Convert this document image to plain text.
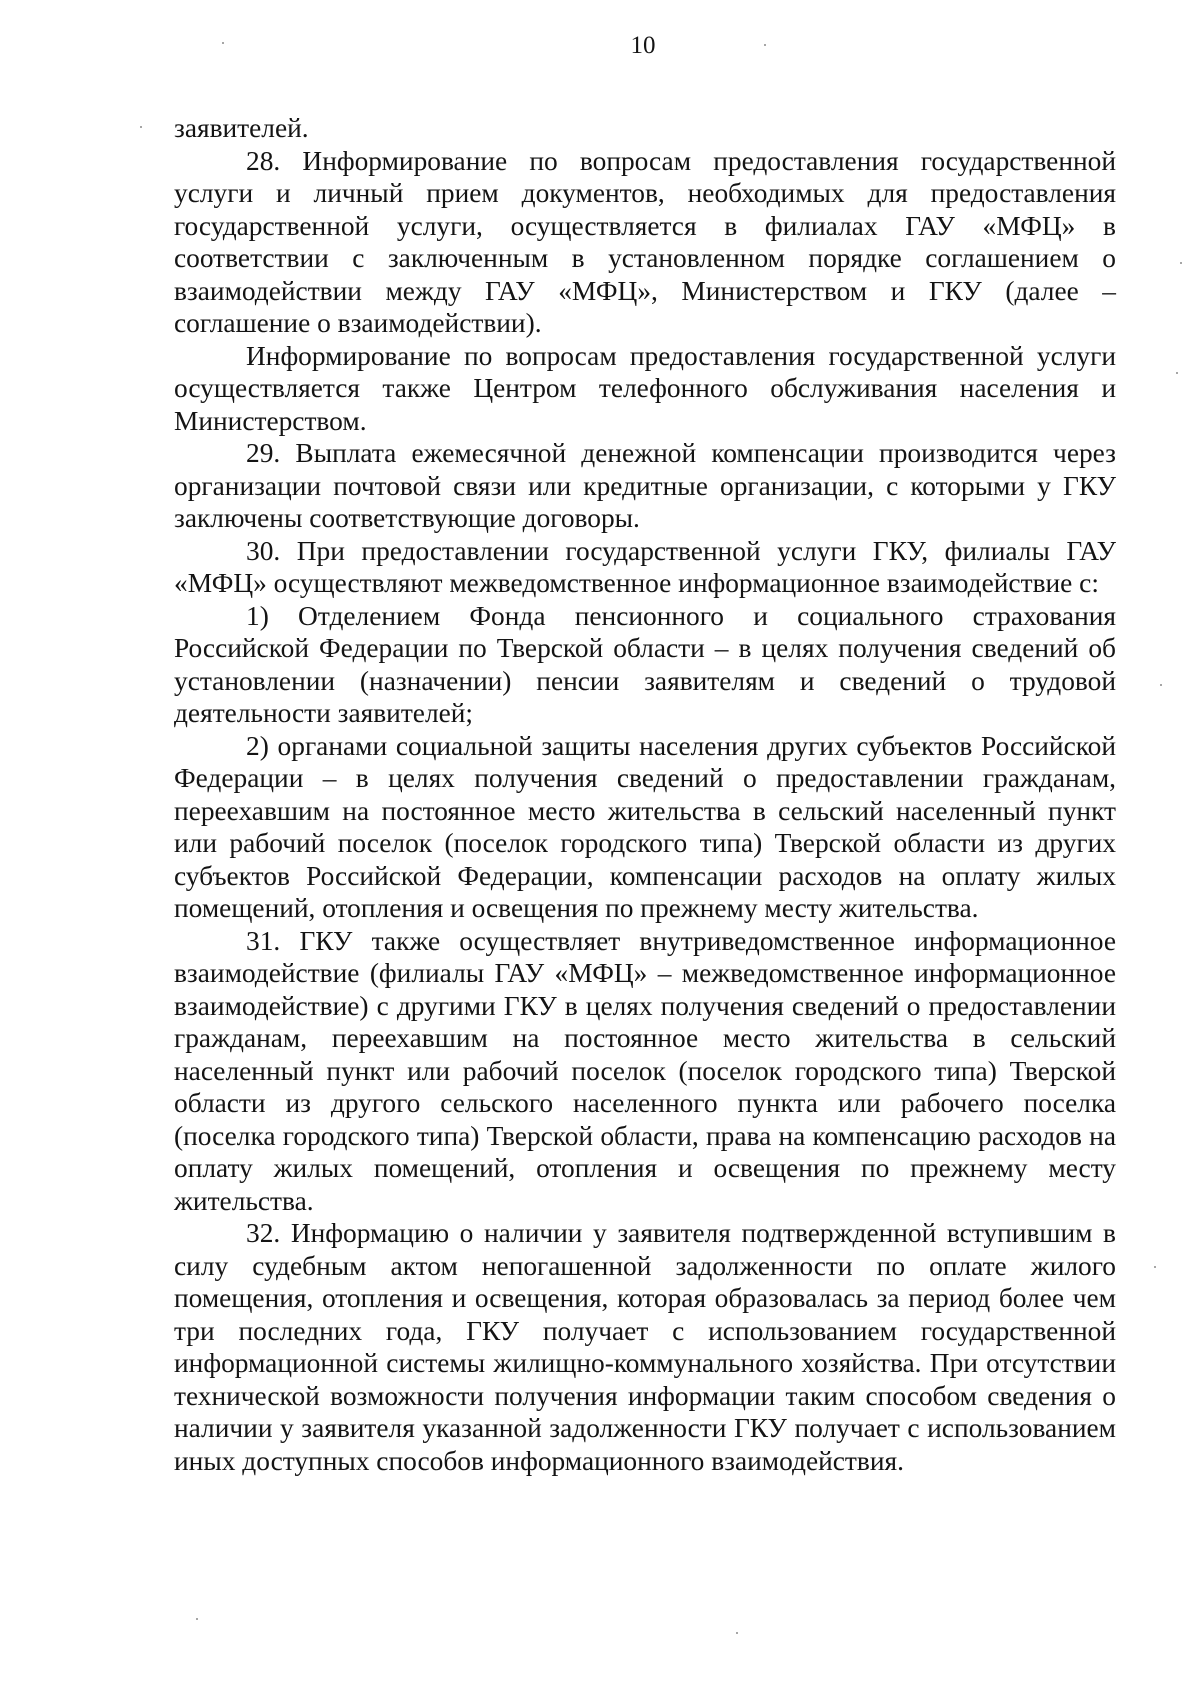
10

заявителей.

28. Информирование по вопросам предоставления государственной услуги и личный прием документов, необходимых для предоставления государственной услуги, осуществляется в филиалах ГАУ «МФЦ» в соответствии с заключенным в установленном порядке соглашением о взаимодействии между ГАУ «МФЦ», Министерством и ГКУ (далее – соглашение о взаимодействии).

Информирование по вопросам предоставления государственной услуги осуществляется также Центром телефонного обслуживания населения и Министерством.

29. Выплата ежемесячной денежной компенсации производится через организации почтовой связи или кредитные организации, с которыми у ГКУ заключены соответствующие договоры.

30. При предоставлении государственной услуги ГКУ, филиалы ГАУ «МФЦ» осуществляют межведомственное информационное взаимодействие с:

1) Отделением Фонда пенсионного и социального страхования Российской Федерации по Тверской области – в целях получения сведений об установлении (назначении) пенсии заявителям и сведений о трудовой деятельности заявителей;

2) органами социальной защиты населения других субъектов Российской Федерации – в целях получения сведений о предоставлении гражданам, переехавшим на постоянное место жительства в сельский населенный пункт или рабочий поселок (поселок городского типа) Тверской области из других субъектов Российской Федерации, компенсации расходов на оплату жилых помещений, отопления и освещения по прежнему месту жительства.

31. ГКУ также осуществляет внутриведомственное информационное взаимодействие (филиалы ГАУ «МФЦ» – межведомственное информационное взаимодействие) с другими ГКУ в целях получения сведений о предоставлении гражданам, переехавшим на постоянное место жительства в сельский населенный пункт или рабочий поселок (поселок городского типа) Тверской области из другого сельского населенного пункта или рабочего поселка (поселка городского типа) Тверской области, права на компенсацию расходов на оплату жилых помещений, отопления и освещения по прежнему месту жительства.

32. Информацию о наличии у заявителя подтвержденной вступившим в силу судебным актом непогашенной задолженности по оплате жилого помещения, отопления и освещения, которая образовалась за период более чем три последних года, ГКУ получает с использованием государственной информационной системы жилищно-коммунального хозяйства. При отсутствии технической возможности получения информации таким способом сведения о наличии у заявителя указанной задолженности ГКУ получает с использованием иных доступных способов информационного взаимодействия.
